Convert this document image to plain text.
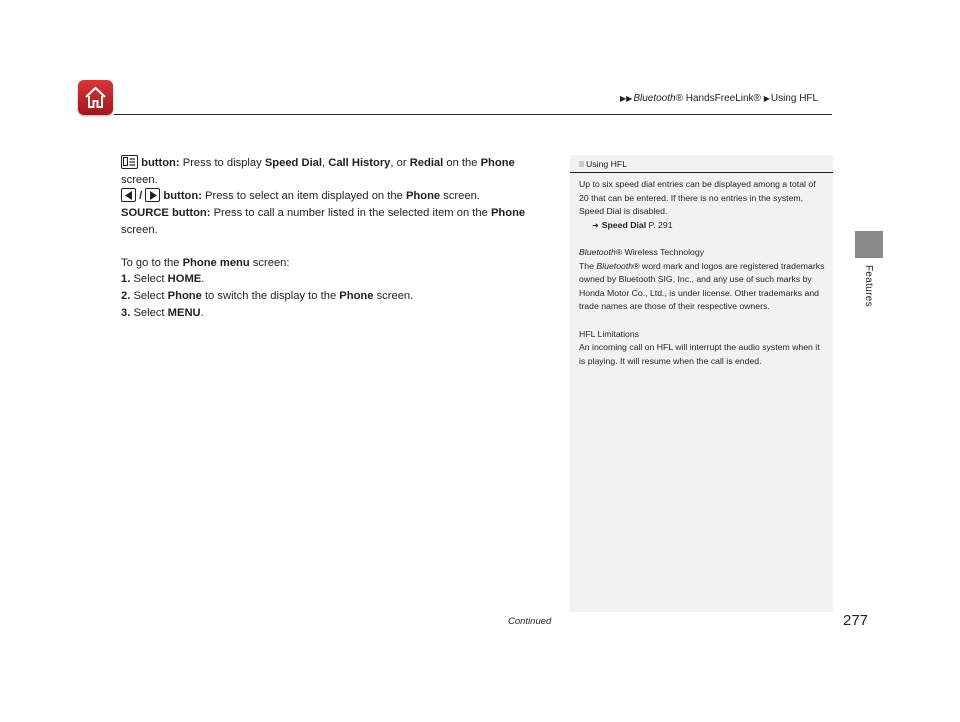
▶▶Bluetooth® HandsFreeLink® ▶Using HFL
Features

button: Press to display Speed Dial, Call History, or Redial on the Phone screen.

/
button: Press to select an item displayed on the Phone screen.

SOURCE button: Press to call a number listed in the selected item on the Phone screen.

To go to the Phone menu screen:

1. Select HOME.

2. Select Phone to switch the display to the Phone screen.

3. Select MENU.

Using HFL

Up to six speed dial entries can be displayed among a total of 20 that can be entered. If there is no entries in the system, Speed Dial is disabled.

➜ Speed Dial P. 291

Bluetooth® Wireless Technology

The Bluetooth® word mark and logos are registered trademarks owned by Bluetooth SIG, Inc., and any use of such marks by Honda Motor Co., Ltd., is under license. Other trademarks and trade names are those of their respective owners.

HFL Limitations

An incoming call on HFL will interrupt the audio system when it is playing. It will resume when the call is ended.

Continued	277
